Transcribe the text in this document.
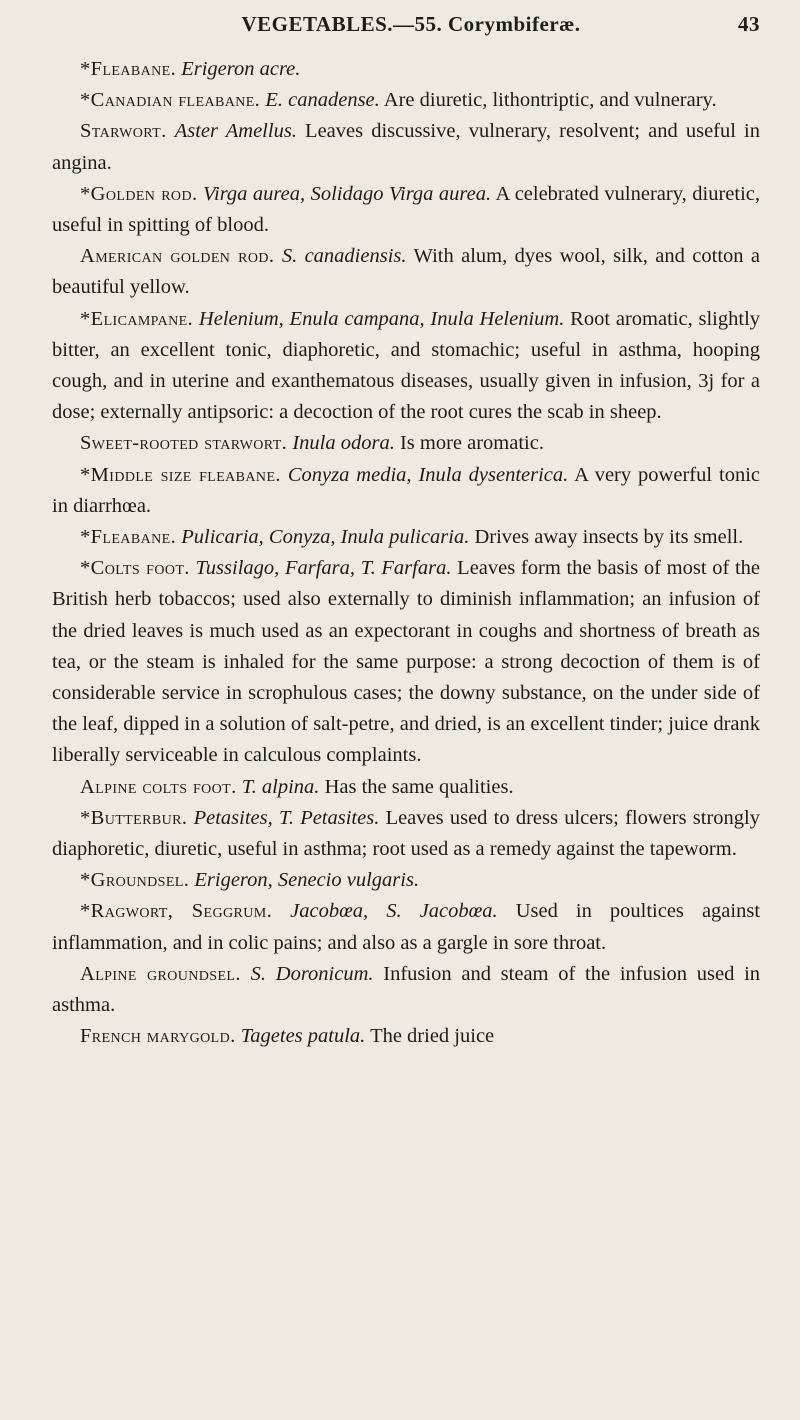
VEGETABLES.—55. Corymbiferæ.	43

*Fleabane. Erigeron acre.

*Canadian fleabane. E. canadense. Are diuretic, lithontriptic, and vulnerary.

Starwort. Aster Amellus. Leaves discussive, vulnerary, resolvent; and useful in angina.

*Golden rod. Virga aurea, Solidago Virga aurea. A celebrated vulnerary, diuretic, useful in spitting of blood.

American golden rod. S. canadiensis. With alum, dyes wool, silk, and cotton a beautiful yellow.

*Elicampane. Helenium, Enula campana, Inula Helenium. Root aromatic, slightly bitter, an excellent tonic, diaphoretic, and stomachic; useful in asthma, hooping cough, and in uterine and exanthematous diseases, usually given in infusion, 3j for a dose; externally antipsoric: a decoction of the root cures the scab in sheep.

Sweet-rooted starwort. Inula odora. Is more aromatic.

*Middle size fleabane. Conyza media, Inula dysenterica. A very powerful tonic in diarrhœa.

*Fleabane. Pulicaria, Conyza, Inula pulicaria. Drives away insects by its smell.

*Colts foot. Tussilago, Farfara, T. Farfara. Leaves form the basis of most of the British herb tobaccos; used also externally to diminish inflammation; an infusion of the dried leaves is much used as an expectorant in coughs and shortness of breath as tea, or the steam is inhaled for the same purpose: a strong decoction of them is of considerable service in scrophulous cases; the downy substance, on the under side of the leaf, dipped in a solution of salt-petre, and dried, is an excellent tinder; juice drank liberally serviceable in calculous complaints.

Alpine colts foot. T. alpina. Has the same qualities.

*Butterbur. Petasites, T. Petasites. Leaves used to dress ulcers; flowers strongly diaphoretic, diuretic, useful in asthma; root used as a remedy against the tapeworm.

*Groundsel. Erigeron, Senecio vulgaris.

*Ragwort, Seggrum. Jacobœa, S. Jacobœa. Used in poultices against inflammation, and in colic pains; and also as a gargle in sore throat.

Alpine groundsel. S. Doronicum. Infusion and steam of the infusion used in asthma.

French marygold. Tagetes patula. The dried juice
